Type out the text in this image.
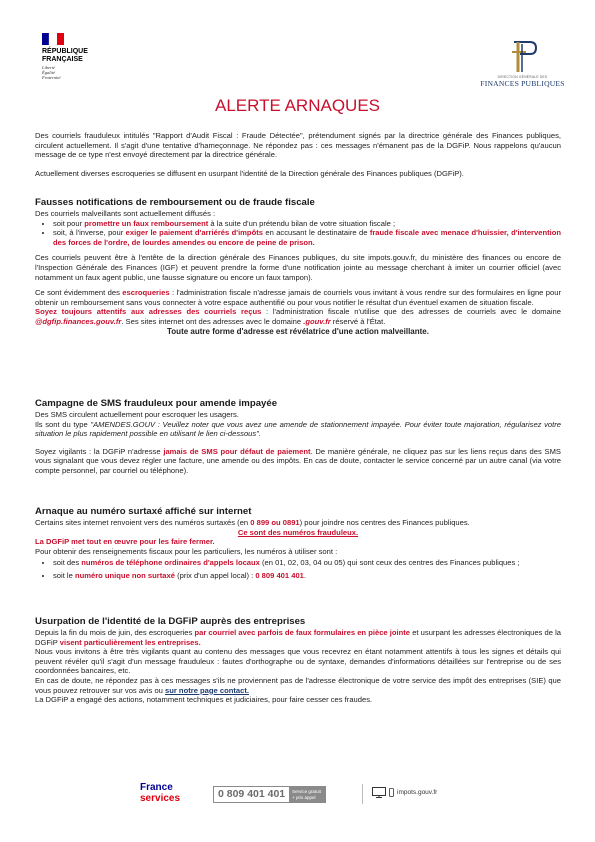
RÉPUBLIQUE
FRANÇAISE
Liberté
Égalité
Fraternité	DIRECTION GÉNÉRALE DES
FINANCES PUBLIQUES
ALERTE ARNAQUES

Des courriels frauduleux intitulés "Rapport d'Audit Fiscal : Fraude Détectée", prétendument signés par la directrice générale des Finances publiques, circulent actuellement. Il s'agit d'une tentative d'hameçonnage. Ne répondez pas : ces messages n'émanent pas de la DGFiP. Nous rappelons qu'aucun message de ce type n'est envoyé directement par la directrice générale.

Actuellement diverses escroqueries se diffusent en usurpant l'identité de la Direction générale des Finances publiques (DGFiP).

Fausses notifications de remboursement ou de fraude fiscale

Des courriels malveillants sont actuellement diffusés :

• soit pour promettre un faux remboursement à la suite d'un prétendu bilan de votre situation fiscale ;
• soit, à l'inverse, pour exiger le paiement d'arriérés d'impôts en accusant le destinataire de fraude fiscale avec menace d'huissier, d'intervention des forces de l'ordre, de lourdes amendes ou encore de peine de prison.

Ces courriels peuvent être à l'entête de la direction générale des Finances publiques, du site impots.gouv.fr, du ministère des finances ou encore de l'Inspection Générale des Finances (IGF) et peuvent prendre la forme d'une notification jointe au message cherchant à imiter un courrier officiel (avec notamment un faux agent public, une fausse signature ou encore un faux tampon).

Ce sont évidemment des escroqueries : l'administration fiscale n'adresse jamais de courriels vous invitant à vous rendre sur des formulaires en ligne pour obtenir un remboursement sans vous connecter à votre espace authentifié ou pour vous notifier le résultat d'un éventuel examen de situation fiscale.

Soyez toujours attentifs aux adresses des courriels reçus : l'administration fiscale n'utilise que des adresses de courriels avec le domaine @dgfip.finances.gouv.fr. Ses sites internet ont des adresses avec le domaine .gouv.fr réservé à l'État.

Toute autre forme d'adresse est révélatrice d'une action malveillante.

Campagne de SMS frauduleux pour amende impayée

Des SMS circulent actuellement pour escroquer les usagers.

Ils sont du type "AMENDES.GOUV : Veuillez noter que vous avez une amende de stationnement impayée. Pour éviter toute majoration, régularisez votre situation le plus rapidement possible en utilisant le lien ci-dessous".

Soyez vigilants : la DGFiP n'adresse jamais de SMS pour défaut de paiement. De manière générale, ne cliquez pas sur les liens reçus dans des SMS vous signalant que vous devez régler une facture, une amende ou des impôts. En cas de doute, contacter le service concerné par un autre canal (via votre compte personnel, par courriel ou téléphone).

Arnaque au numéro surtaxé affiché sur internet

Certains sites internet renvoient vers des numéros surtaxés (en 0 899 ou 0891) pour joindre nos centres des Finances publiques.

Ce sont des numéros frauduleux.

La DGFiP met tout en œuvre pour les faire fermer.

Pour obtenir des renseignements fiscaux pour les particuliers, les numéros à utiliser sont :

• soit des numéros de téléphone ordinaires d'appels locaux (en 01, 02, 03, 04 ou 05) qui sont ceux des centres des Finances publiques ;
• soit le numéro unique non surtaxé (prix d'un appel local) : 0 809 401 401.
Usurpation de l'identité de la DGFiP auprès des entreprises

Depuis la fin du mois de juin, des escroqueries par courriel avec parfois de faux formulaires en pièce jointe et usurpant les adresses électroniques de la DGFiP visent particulièrement les entreprises.

Nous vous invitons à être très vigilants quant au contenu des messages que vous recevrez en étant notamment attentifs à tous les signes et détails qui peuvent révéler qu'il s'agit d'un message frauduleux : fautes d'orthographe ou de syntaxe, demandes d'informations détaillées sur l'entreprise ou de ses coordonnées bancaires, etc.

En cas de doute, ne répondez pas à ces messages s'ils ne proviennent pas de l'adresse électronique de votre service des impôt des entreprises (SIE) que vous pouvez retrouver sur vos avis ou sur notre page contact.

La DGFiP a engagé des actions, notamment techniques et judiciaires, pour faire cesser ces fraudes.

France
services	0 809 401 401	Service gratuit + prix appel
impots.gouv.fr
